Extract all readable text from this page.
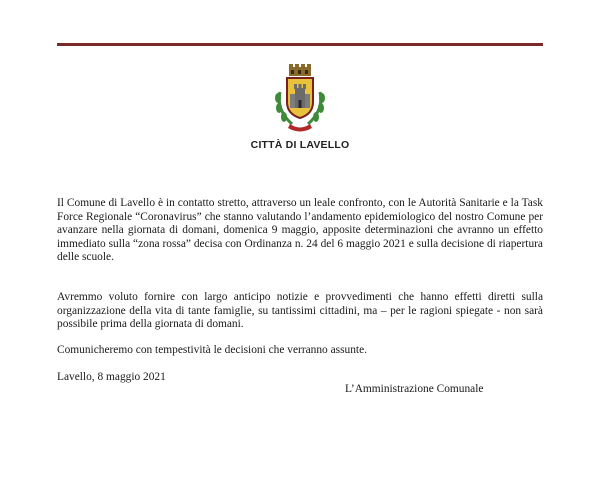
CITTÀ DI LAVELLO
Il Comune di Lavello è in contatto stretto, attraverso un leale confronto, con le Autorità Sanitarie e la Task Force Regionale “Coronavirus” che stanno valutando l’andamento epidemiologico del nostro Comune per avanzare nella giornata di domani, domenica 9 maggio, apposite determinazioni che avranno un effetto immediato sulla “zona rossa” decisa con Ordinanza n. 24 del 6 maggio 2021 e sulla decisione di riapertura delle scuole.
Avremmo voluto fornire con largo anticipo notizie e provvedimenti che hanno effetti diretti sulla organizzazione della vita di tante famiglie, su tantissimi cittadini, ma – per le ragioni spiegate - non sarà possibile prima della giornata di domani.
Comunicheremo con tempestività le decisioni che verranno assunte.
Lavello, 8 maggio 2021
L’Amministrazione Comunale
